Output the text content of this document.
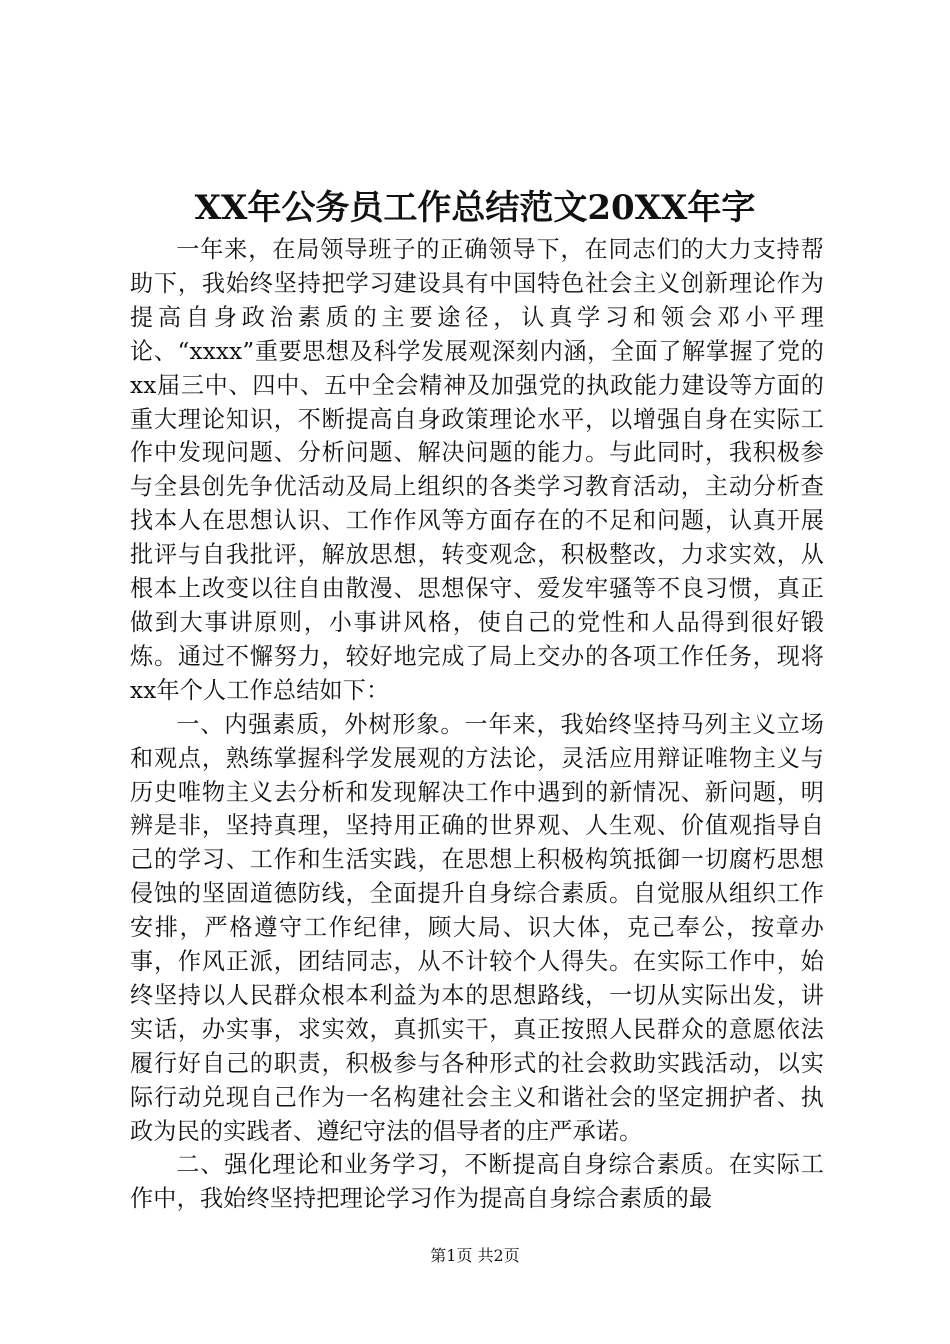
XX年公务员工作总结范文20XX年字

一年来，在局领导班子的正确领导下，在同志们的大力支持帮助下，我始终坚持把学习建设具有中国特色社会主义创新理论作为提高自身政治素质的主要途径，认真学习和领会邓小平理论、“xxxx”重要思想及科学发展观深刻内涵，全面了解掌握了党的xx届三中、四中、五中全会精神及加强党的执政能力建设等方面的重大理论知识，不断提高自身政策理论水平，以增强自身在实际工作中发现问题、分析问题、解决问题的能力。与此同时，我积极参与全县创先争优活动及局上组织的各类学习教育活动，主动分析查找本人在思想认识、工作作风等方面存在的不足和问题，认真开展批评与自我批评，解放思想，转变观念，积极整改，力求实效，从根本上改变以往自由散漫、思想保守、爱发牢骚等不良习惯，真正做到大事讲原则，小事讲风格，使自己的党性和人品得到很好锻炼。通过不懈努力，较好地完成了局上交办的各项工作任务，现将xx年个人工作总结如下：

一、内强素质，外树形象。一年来，我始终坚持马列主义立场和观点，熟练掌握科学发展观的方法论，灵活应用辩证唯物主义与历史唯物主义去分析和发现解决工作中遇到的新情况、新问题，明辨是非，坚持真理，坚持用正确的世界观、人生观、价值观指导自己的学习、工作和生活实践，在思想上积极构筑抵御一切腐朽思想侵蚀的坚固道德防线，全面提升自身综合素质。自觉服从组织工作安排，严格遵守工作纪律，顾大局、识大体，克己奉公，按章办事，作风正派，团结同志，从不计较个人得失。在实际工作中，始终坚持以人民群众根本利益为本的思想路线，一切从实际出发，讲实话，办实事，求实效，真抓实干，真正按照人民群众的意愿依法履行好自己的职责，积极参与各种形式的社会救助实践活动，以实际行动兑现自己作为一名构建社会主义和谐社会的坚定拥护者、执政为民的实践者、遵纪守法的倡导者的庄严承诺。

二、强化理论和业务学习，不断提高自身综合素质。在实际工作中，我始终坚持把理论学习作为提高自身综合素质的最

第1页 共2页
